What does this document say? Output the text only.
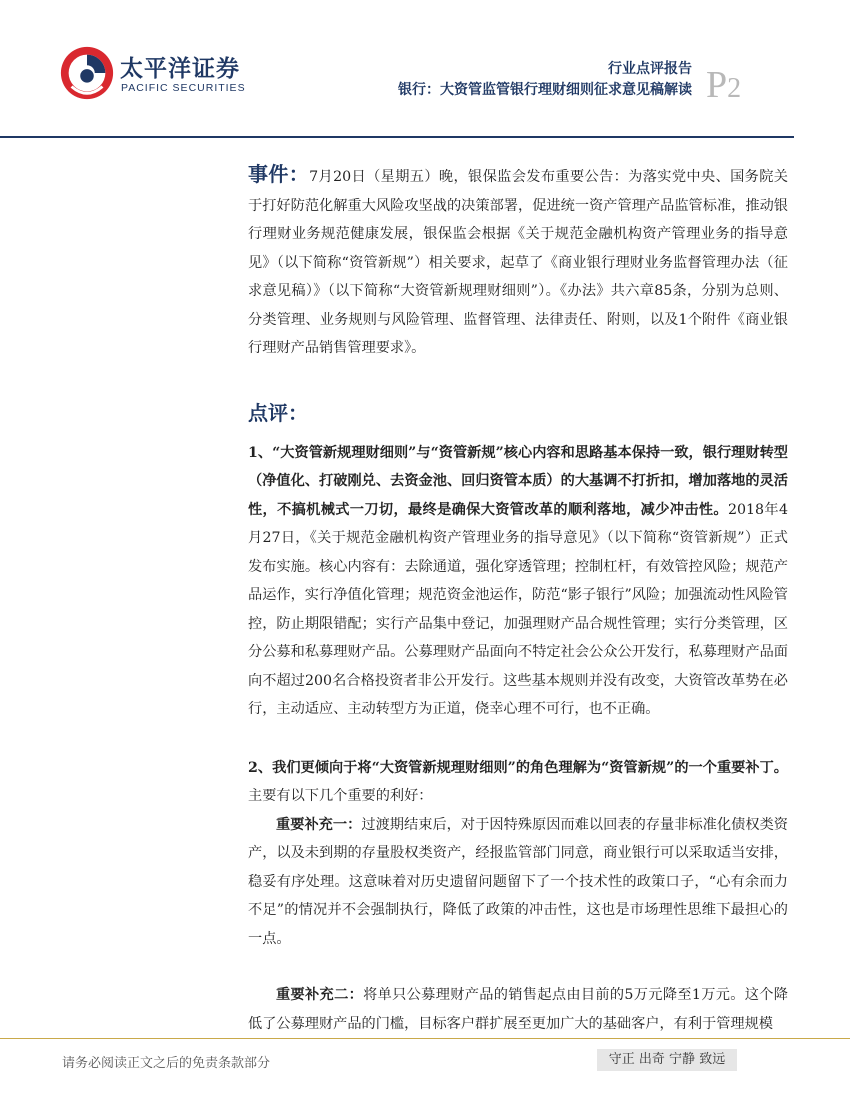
太平洋证券
PACIFIC SECURITIES
行业点评报告
银行：大资管监管银行理财细则征求意见稿解读 P2

事件：7月20日（星期五）晚，银保监会发布重要公告：为落实党中央、国务院关于打好防范化解重大风险攻坚战的决策部署，促进统一资产管理产品监管标准，推动银行理财业务规范健康发展，银保监会根据《关于规范金融机构资产管理业务的指导意见》（以下简称“资管新规”）相关要求，起草了《商业银行理财业务监督管理办法（征求意见稿）》（以下简称“大资管新规理财细则”）。《办法》共六章85条，分别为总则、分类管理、业务规则与风险管理、监督管理、法律责任、附则，以及1个附件《商业银行理财产品销售管理要求》。

点评：

1、“大资管新规理财细则”与“资管新规”核心内容和思路基本保持一致，银行理财转型（净值化、打破刚兑、去资金池、回归资管本质）的大基调不打折扣，增加落地的灵活性，不搞机械式一刀切，最终是确保大资管改革的顺利落地，减少冲击性。2018年4月27日，《关于规范金融机构资产管理业务的指导意见》（以下简称“资管新规”）正式发布实施。核心内容有：去除通道，强化穿透管理；控制杠杆，有效管控风险；规范产品运作，实行净值化管理；规范资金池运作，防范“影子银行”风险；加强流动性风险管控，防止期限错配；实行产品集中登记，加强理财产品合规性管理；实行分类管理，区分公募和私募理财产品。公募理财产品面向不特定社会公众公开发行，私募理财产品面向不超过200名合格投资者非公开发行。这些基本规则并没有改变，大资管改革势在必行，主动适应、主动转型方为正道，侥幸心理不可行，也不正确。

2、我们更倾向于将“大资管新规理财细则”的角色理解为“资管新规”的一个重要补丁。主要有以下几个重要的利好：

重要补充一：过渡期结束后，对于因特殊原因而难以回表的存量非标准化债权类资产，以及未到期的存量股权类资产，经报监管部门同意，商业银行可以采取适当安排，稳妥有序处理。这意味着对历史遗留问题留下了一个技术性的政策口子，“心有余而力不足”的情况并不会强制执行，降低了政策的冲击性，这也是市场理性思维下最担心的一点。

重要补充二：将单只公募理财产品的销售起点由目前的5万元降至1万元。这个降低了公募理财产品的门槛，目标客户群扩展至更加广大的基础客户，有利于管理规模

请务必阅读正文之后的免责条款部分	守正 出奇 宁静 致远
